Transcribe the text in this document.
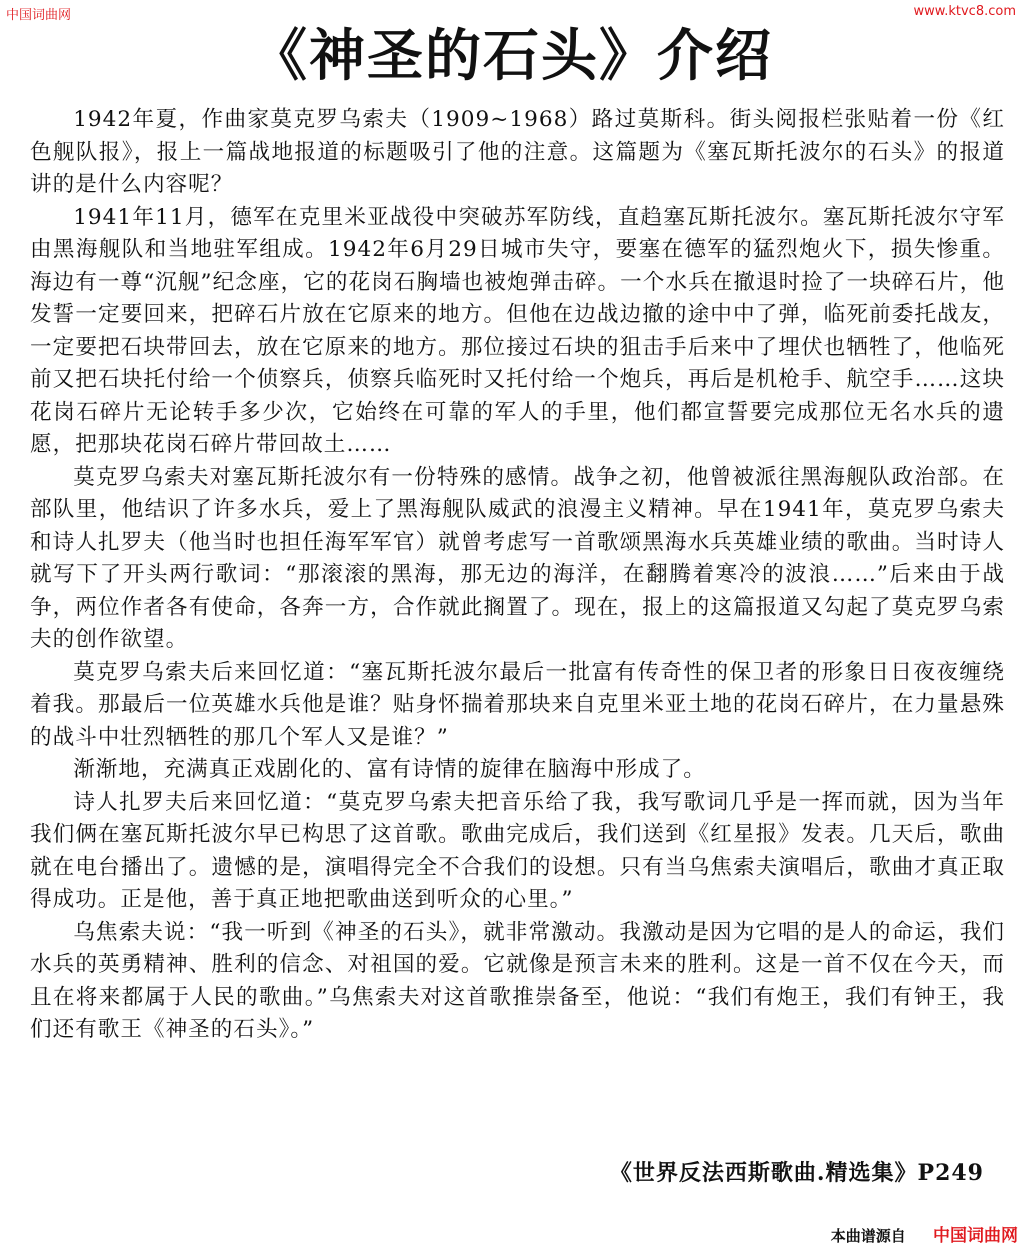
中国词曲网	www.ktvc8.com
《神圣的石头》介绍

1942年夏，作曲家莫克罗乌索夫（1909~1968）路过莫斯科。街头阅报栏张贴着一份《红色舰队报》，报上一篇战地报道的标题吸引了他的注意。这篇题为《塞瓦斯托波尔的石头》的报道讲的是什么内容呢？

1941年11月，德军在克里米亚战役中突破苏军防线，直趋塞瓦斯托波尔。塞瓦斯托波尔守军由黑海舰队和当地驻军组成。1942年6月29日城市失守，要塞在德军的猛烈炮火下，损失惨重。海边有一尊“沉舰”纪念座，它的花岗石胸墙也被炮弹击碎。一个水兵在撤退时捡了一块碎石片，他发誓一定要回来，把碎石片放在它原来的地方。但他在边战边撤的途中中了弹，临死前委托战友，一定要把石块带回去，放在它原来的地方。那位接过石块的狙击手后来中了埋伏也牺牲了，他临死前又把石块托付给一个侦察兵，侦察兵临死时又托付给一个炮兵，再后是机枪手、航空手……这块花岗石碎片无论转手多少次，它始终在可靠的军人的手里，他们都宣誓要完成那位无名水兵的遗愿，把那块花岗石碎片带回故土……

莫克罗乌索夫对塞瓦斯托波尔有一份特殊的感情。战争之初，他曾被派往黑海舰队政治部。在部队里，他结识了许多水兵，爱上了黑海舰队威武的浪漫主义精神。早在1941年，莫克罗乌索夫和诗人扎罗夫（他当时也担任海军军官）就曾考虑写一首歌颂黑海水兵英雄业绩的歌曲。当时诗人就写下了开头两行歌词：“那滚滚的黑海，那无边的海洋，在翻腾着寒冷的波浪……”后来由于战争，两位作者各有使命，各奔一方，合作就此搁置了。现在，报上的这篇报道又勾起了莫克罗乌索夫的创作欲望。

莫克罗乌索夫后来回忆道：“塞瓦斯托波尔最后一批富有传奇性的保卫者的形象日日夜夜缠绕着我。那最后一位英雄水兵他是谁？贴身怀揣着那块来自克里米亚土地的花岗石碎片，在力量悬殊的战斗中壮烈牺牲的那几个军人又是谁？”

渐渐地，充满真正戏剧化的、富有诗情的旋律在脑海中形成了。

诗人扎罗夫后来回忆道：“莫克罗乌索夫把音乐给了我，我写歌词几乎是一挥而就，因为当年我们俩在塞瓦斯托波尔早已构思了这首歌。歌曲完成后，我们送到《红星报》发表。几天后，歌曲就在电台播出了。遗憾的是，演唱得完全不合我们的设想。只有当乌焦索夫演唱后，歌曲才真正取得成功。正是他，善于真正地把歌曲送到听众的心里。”

乌焦索夫说：“我一听到《神圣的石头》，就非常激动。我激动是因为它唱的是人的命运，我们水兵的英勇精神、胜利的信念、对祖国的爱。它就像是预言未来的胜利。这是一首不仅在今天，而且在将来都属于人民的歌曲。”乌焦索夫对这首歌推崇备至，他说：“我们有炮王，我们有钟王，我们还有歌王《神圣的石头》。”

《世界反法西斯歌曲.精选集》P249
本曲谱源自 中国词曲网
